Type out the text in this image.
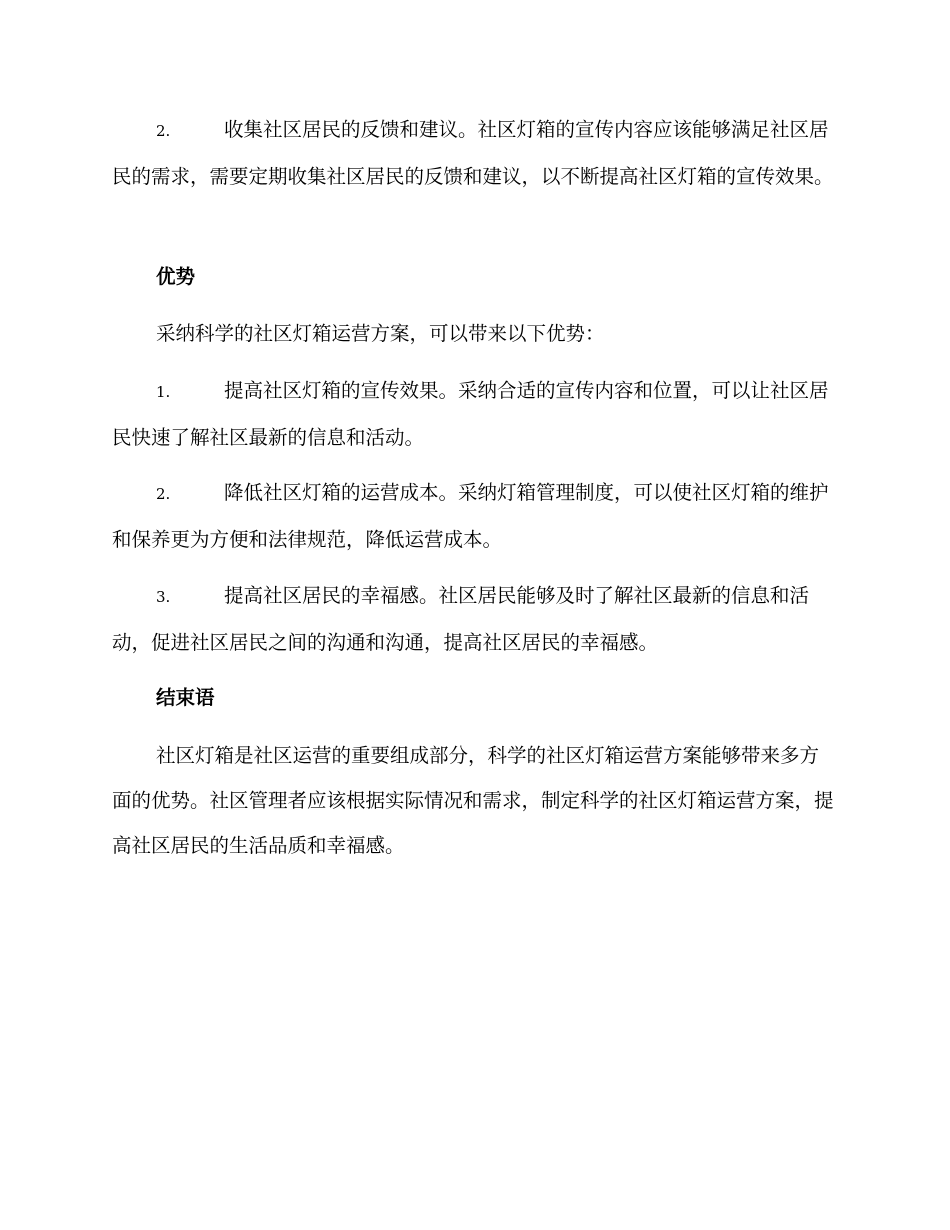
2.	收集社区居民的反馈和建议。社区灯箱的宣传内容应该能够满足社区居民的需求，需要定期收集社区居民的反馈和建议，以不断提高社区灯箱的宣传效果。

优势

采纳科学的社区灯箱运营方案，可以带来以下优势：

1.	提高社区灯箱的宣传效果。采纳合适的宣传内容和位置，可以让社区居民快速了解社区最新的信息和活动。

2.	降低社区灯箱的运营成本。采纳灯箱管理制度，可以使社区灯箱的维护和保养更为方便和法律规范，降低运营成本。

3.	提高社区居民的幸福感。社区居民能够及时了解社区最新的信息和活动，促进社区居民之间的沟通和沟通，提高社区居民的幸福感。

结束语

社区灯箱是社区运营的重要组成部分，科学的社区灯箱运营方案能够带来多方面的优势。社区管理者应该根据实际情况和需求，制定科学的社区灯箱运营方案，提高社区居民的生活品质和幸福感。
